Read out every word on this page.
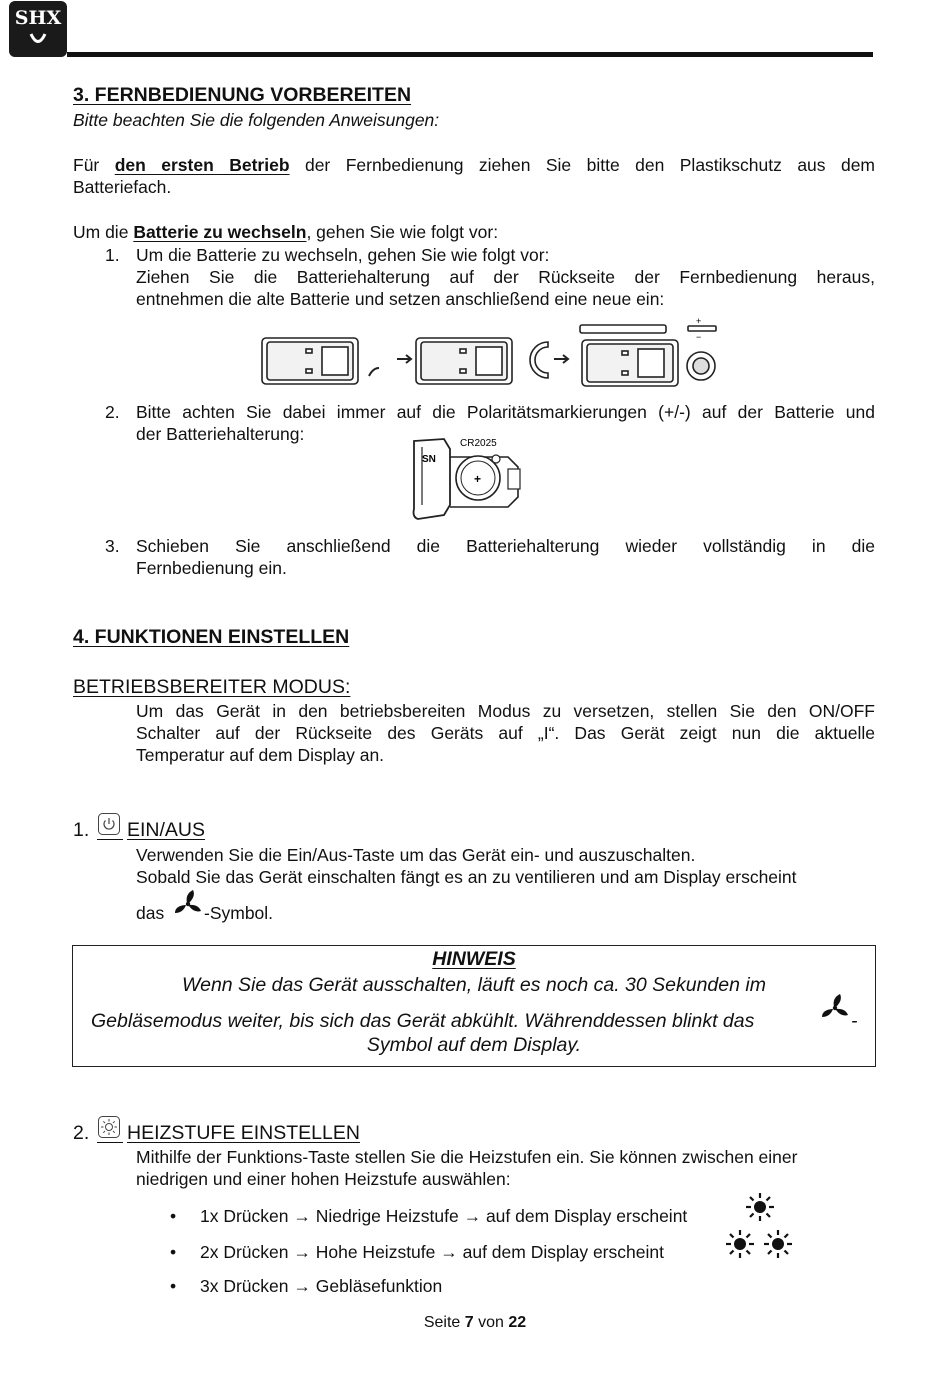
SHX
3. FERNBEDIENUNG VORBEREITEN
Bitte beachten Sie die folgenden Anweisungen:
Für den ersten Betrieb der Fernbedienung ziehen Sie bitte den Plastikschutz aus dem
Batteriefach.
Um die Batterie zu wechseln, gehen Sie wie folgt vor:
1. Um die Batterie zu wechseln, gehen Sie wie folgt vor:
Ziehen Sie die Batteriehalterung auf der Rückseite der Fernbedienung heraus,
entnehmen die alte Batterie und setzen anschließend eine neue ein:
+
−
2. Bitte achten Sie dabei immer auf die Polaritätsmarkierungen (+/-) auf der Batterie und
der Batteriehalterung:
SN
CR2025
+
3. Schieben Sie anschließend die Batteriehalterung wieder vollständig in die
Fernbedienung ein.
4. FUNKTIONEN EINSTELLEN
BETRIEBSBEREITER MODUS:
Um das Gerät in den betriebsbereiten Modus zu versetzen, stellen Sie den ON/OFF
Schalter auf der Rückseite des Geräts auf „I“. Das Gerät zeigt nun die aktuelle
Temperatur auf dem Display an.
1. EIN/AUS
Verwenden Sie die Ein/Aus-Taste um das Gerät ein- und auszuschalten.
Sobald Sie das Gerät einschalten fängt es an zu ventilieren und am Display erscheint
das -Symbol.
HINWEIS
Wenn Sie das Gerät ausschalten, läuft es noch ca. 30 Sekunden im
Gebläsemodus weiter, bis sich das Gerät abkühlt. Währenddessen blinkt das	-
Symbol auf dem Display.
2. HEIZSTUFE EINSTELLEN
Mithilfe der Funktions-Taste stellen Sie die Heizstufen ein. Sie können zwischen einer
niedrigen und einer hohen Heizstufe auswählen:
• 1x Drücken → Niedrige Heizstufe → auf dem Display erscheint
• 2x Drücken → Hohe Heizstufe → auf dem Display erscheint
• 3x Drücken → Gebläsefunktion
Seite 7 von 22
